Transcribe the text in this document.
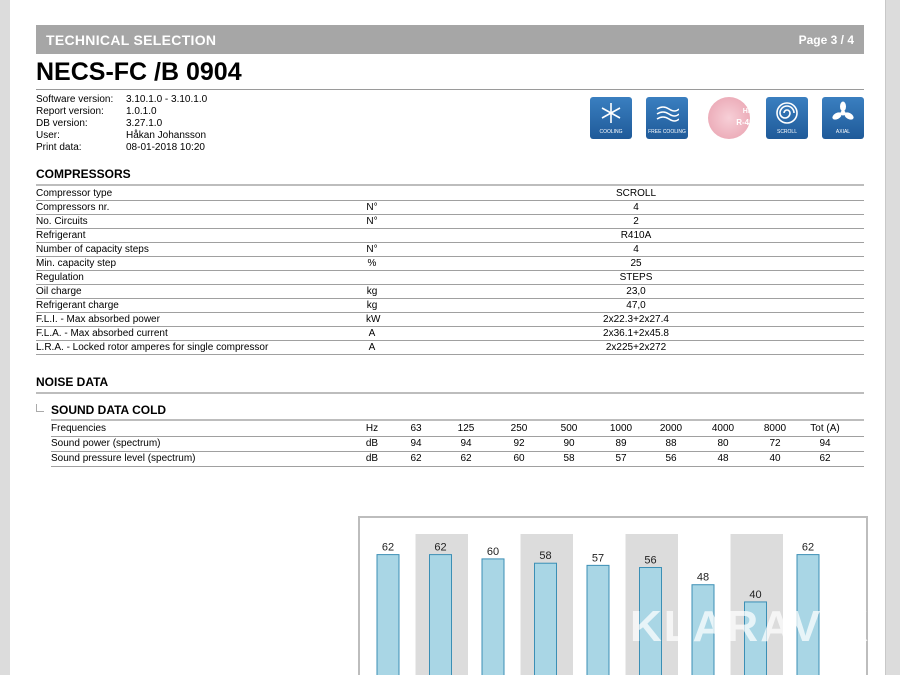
TECHNICAL SELECTION	Page 3 / 4
NECS-FC /B 0904
Software version:	3.10.1.0 - 3.10.1.0
Report version:	1.0.1.0
DB version:	3.27.1.0
User:	Håkan Johansson
Print data:	08-01-2018 10:20
COOLING	FREE COOLING
HFC
R-410A
SCROLL	AXIAL
COMPRESSORS
Compressor type	SCROLL
Compressors nr.	N°	4
No. Circuits	N°	2
Refrigerant	R410A
Number of capacity steps	N°	4
Min. capacity step	%	25
Regulation	STEPS
Oil charge	kg	23,0
Refrigerant charge	kg	47,0
F.L.I. - Max absorbed power	kW	2x22.3+2x27.4
F.L.A. - Max absorbed current	A	2x36.1+2x45.8
L.R.A. - Locked rotor amperes for single compressor	A	2x225+2x272
NOISE DATA
SOUND DATA COLD
Frequencies	Hz	63	125	250	500	1000	2000	4000	8000	Tot (A)
Sound power (spectrum)	dB	94	94	92	90	89	88	80	72	94
Sound pressure level (spectrum)	dB	62	62	60	58	57	56	48	40	62
62	62	60	58	57	56
48
40
62
KLARAVIK
